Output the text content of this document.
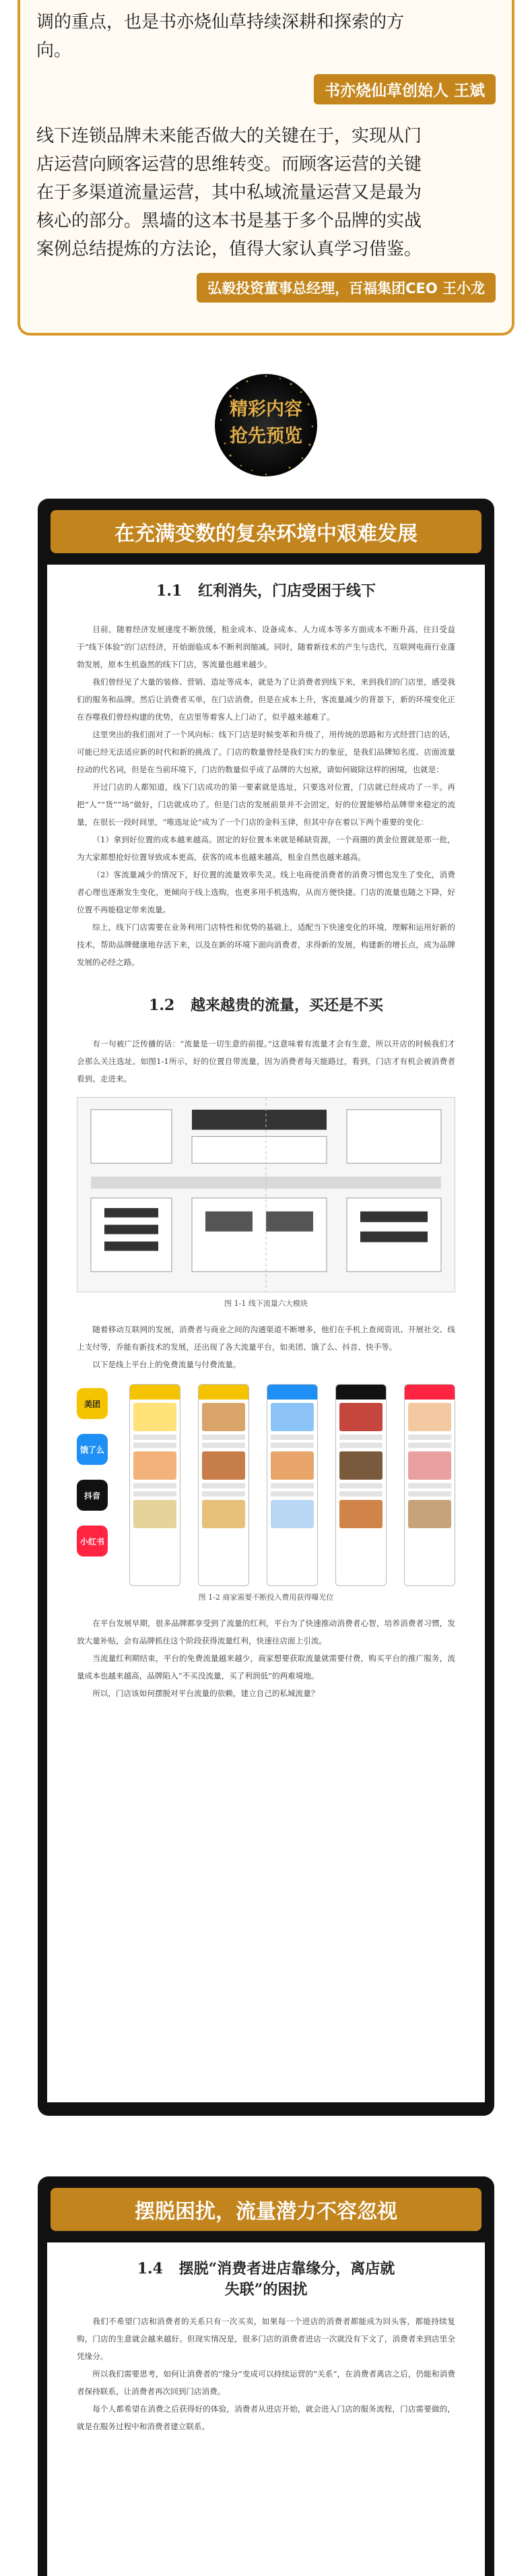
调的重点，也是书亦烧仙草持续深耕和探索的方
向。

书亦烧仙草创始人 王斌

线下连锁品牌未来能否做大的关键在于，实现从门
店运营向顾客运营的思维转变。而顾客运营的关键
在于多渠道流量运营，其中私域流量运营又是最为
核心的部分。黑墙的这本书是基于多个品牌的实战
案例总结提炼的方法论，值得大家认真学习借鉴。

弘毅投资董事总经理，百福集团CEO 王小龙
精彩内容
抢先预览
在充满变数的复杂环境中艰难发展
1.1 红利消失，门店受困于线下

目前，随着经济发展速度不断放缓，租金成本、设备成本、人力成本等多方面成本不断升高，往日受益于“线下体验”的门店经济，开始面临成本不断利润缩减。同时，随着新技术的产生与迭代，互联网电商行业蓬勃发展，原本生机盎然的线下门店，客流量也越来越少。

我们曾经见了大量的装修、营销、造址等成本，就是为了让消费者到线下来，来到我们的门店里，感受我们的服务和品牌。然后让消费者买单，在门店消费。但是在成本上升，客流量减少的背景下，新的环境变化正在吞噬我们曾经构建的优势，在店里等着客人上门动了，似乎越来越难了。

这里突出的我们面对了一个风向标：线下门店是时候变革和升级了，用传统的思路和方式经营门店的话，可能已经无法适应新的时代和新的挑战了。门店的数量曾经是我们实力的象征，是我们品牌知名度、店面流量拉动的代名词，但是在当前环境下，门店的数量似乎成了品牌的大包袱，请如何破除这样的困境，也就是：

开过门店的人都知道，线下门店成功的第一要素就是选址，只要选对位置，门店就已经成功了一半。再把“人”“货”“场”做好，门店就成功了。但是门店的发展前景并不会固定，好的位置能够给品牌带来稳定的流量，在很长一段时间里，“唯选址论”成为了一个门店的金科玉律，但其中存在着以下两个重要的变化：

（1）拿到好位置的成本越来越高。固定的好位置本来就是稀缺资源，一个商圈的黄金位置就是那一批，为大家都想抢好位置导致成本更高，获客的成本也越来越高，租金自然也越来越高。

（2）客流量减少的情况下，好位置的流量效率失灵。线上电商使消费者的消费习惯也发生了变化，消费者心理也逐渐发生变化，更倾向于线上选购，也更多用手机选购，从而方便快捷。门店的流量也随之下降，好位置不再能稳定带来流量。

综上，线下门店需要在业务利用门店特性和优势的基础上，适配当下快速变化的环境，理解和运用好新的技术，帮助品牌健康地存活下来，以及在新的环境下面向消费者，求得新的发展，构建新的增长点，成为品牌发展的必经之路。

1.2 越来越贵的流量，买还是不买

有一句被广泛传播的话：“流量是一切生意的前提。”这意味着有流量才会有生意，所以开店的时候我们才会那么关注选址。如图1-1所示，好的位置自带流量，因为消费者每天能路过，看到，门店才有机会被消费者看到、走进来。

图 1-1 线下流量六大模块

随着移动互联网的发展，消费者与商业之间的沟通渠道不断增多，他们在手机上查阅资讯、开展社交、线上支付等，乔能有新技术的发展，还出现了各大流量平台，如美团、饿了么、抖音、快手等。

以下是线上平台上的免费流量与付费流量。

美团
饿了么
抖音
小红书
图 1-2 商家需要不断投入费用获得曝光位

在平台发展早期，很多品牌都享受到了流量的红利，平台为了快速推动消费者心智，培养消费者习惯，发放大量补贴，会有品牌抓住这个阶段获得流量红利，快速往店面上引流。

当流量红利期结束，平台的免费流量越来越少，商家想要获取流量就需要付费，购买平台的推广服务，流量成本也越来越高，品牌陷入“不买没流量，买了利润低”的两难境地。

所以，门店该如何摆脱对平台流量的依赖，建立自己的私域流量？

摆脱困扰，流量潜力不容忽视
1.4 摆脱“消费者进店靠缘分，离店就
失联”的困扰

我们不希望门店和消费者的关系只有一次买卖，如果每一个进店的消费者都能成为回头客，都能持续复购，门店的生意就会越来越好。但现实情况是，很多门店的消费者进店一次就没有下文了，消费者来到店里全凭缘分。

所以我们需要思考，如何让消费者的“缘分”变成可以持续运营的“关系”，在消费者离店之后，仍能和消费者保持联系，让消费者再次回到门店消费。

每个人都希望在消费之后获得好的体验，消费者从进店开始，就会进入门店的服务流程，门店需要做的，就是在服务过程中和消费者建立联系。
